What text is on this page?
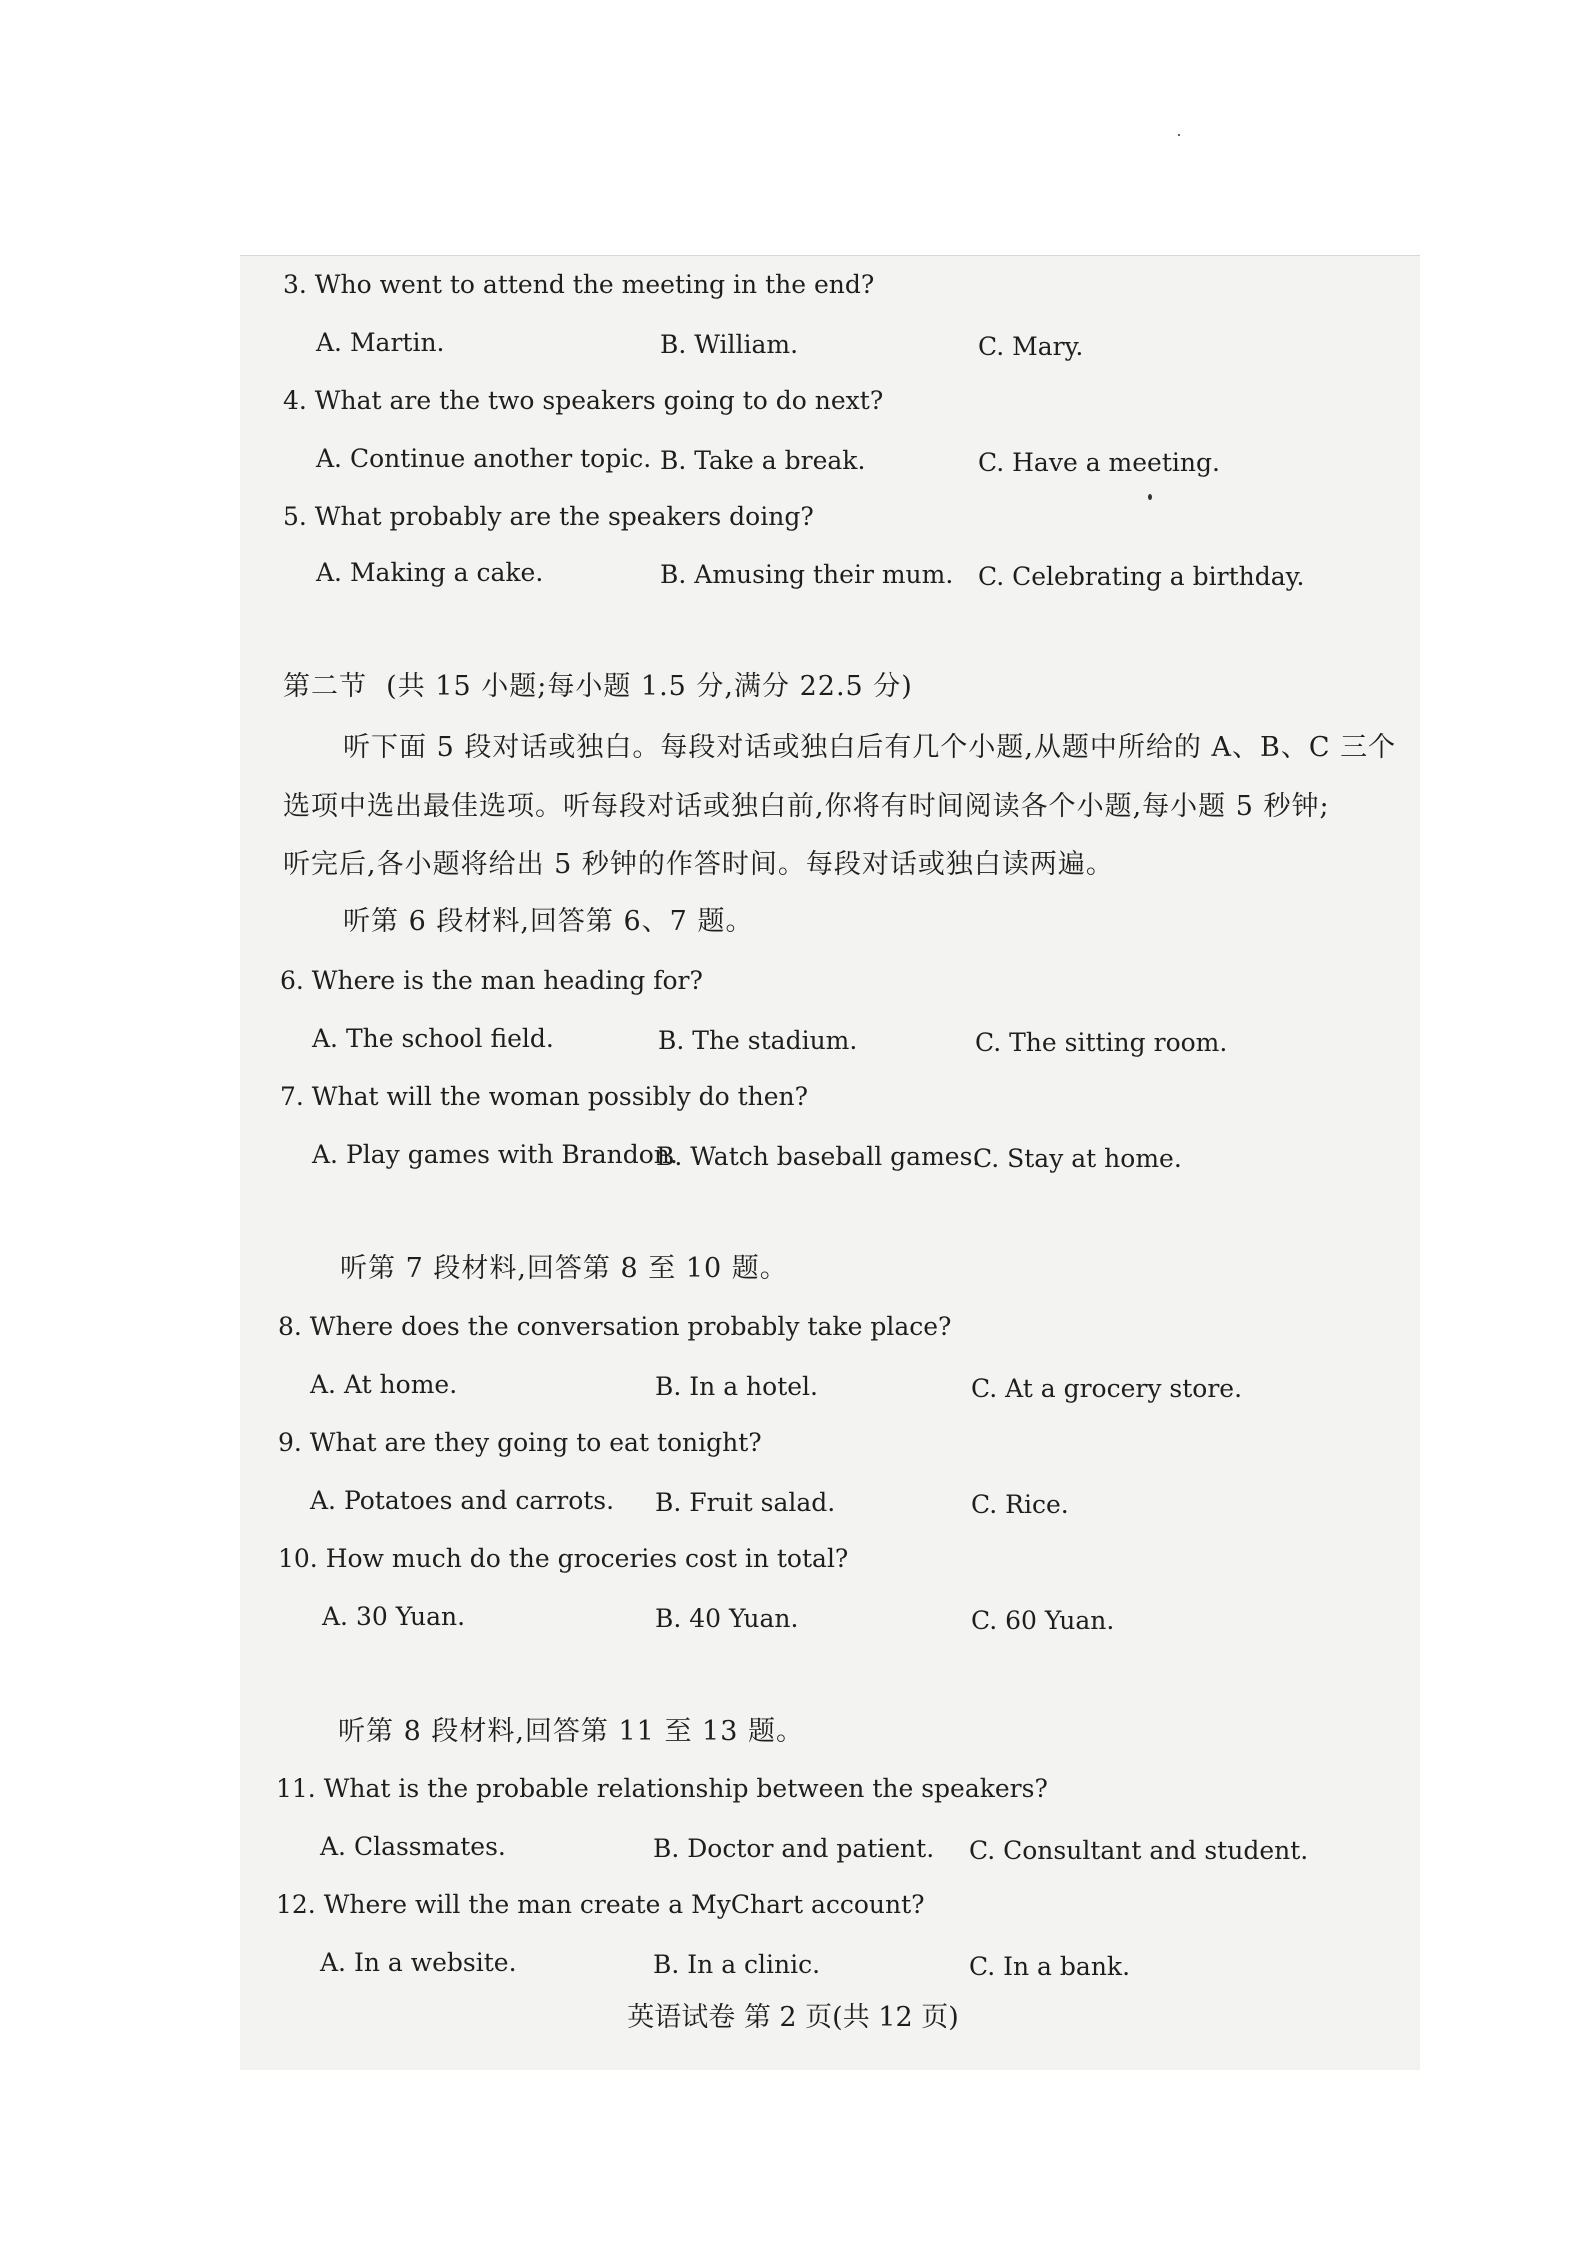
3. Who went to attend the meeting in the end?
A. Martin.	B. William.	C. Mary.
4. What are the two speakers going to do next?
A. Continue another topic. B. Take a break.	C. Have a meeting.
5. What probably are the speakers doing?
A. Making a cake.	B. Amusing their mum. C. Celebrating a birthday.
第二节  (共 15 小题;每小题 1.5 分,满分 22.5 分)
听下面 5 段对话或独白。每段对话或独白后有几个小题,从题中所给的 A、B、C 三个
选项中选出最佳选项。听每段对话或独白前,你将有时间阅读各个小题,每小题 5 秒钟;
听完后,各小题将给出 5 秒钟的作答时间。每段对话或独白读两遍。
听第 6 段材料,回答第 6、7 题。
6. Where is the man heading for?
A. The school field.	B. The stadium.	C. The sitting room.
7. What will the woman possibly do then?
A. Play games with Brandon.
B. Watch baseball games.
C. Stay at home.
听第 7 段材料,回答第 8 至 10 题。
8. Where does the conversation probably take place?
A. At home.	B. In a hotel.	C. At a grocery store.
9. What are they going to eat tonight?
A. Potatoes and carrots. B. Fruit salad.	C. Rice.
10. How much do the groceries cost in total?
A. 30 Yuan.	B. 40 Yuan.	C. 60 Yuan.
听第 8 段材料,回答第 11 至 13 题。
11. What is the probable relationship between the speakers?
A. Classmates.	B. Doctor and patient. C. Consultant and student.
12. Where will the man create a MyChart account?
A. In a website.	B. In a clinic.	C. In a bank.
英语试卷 第 2 页(共 12 页)
